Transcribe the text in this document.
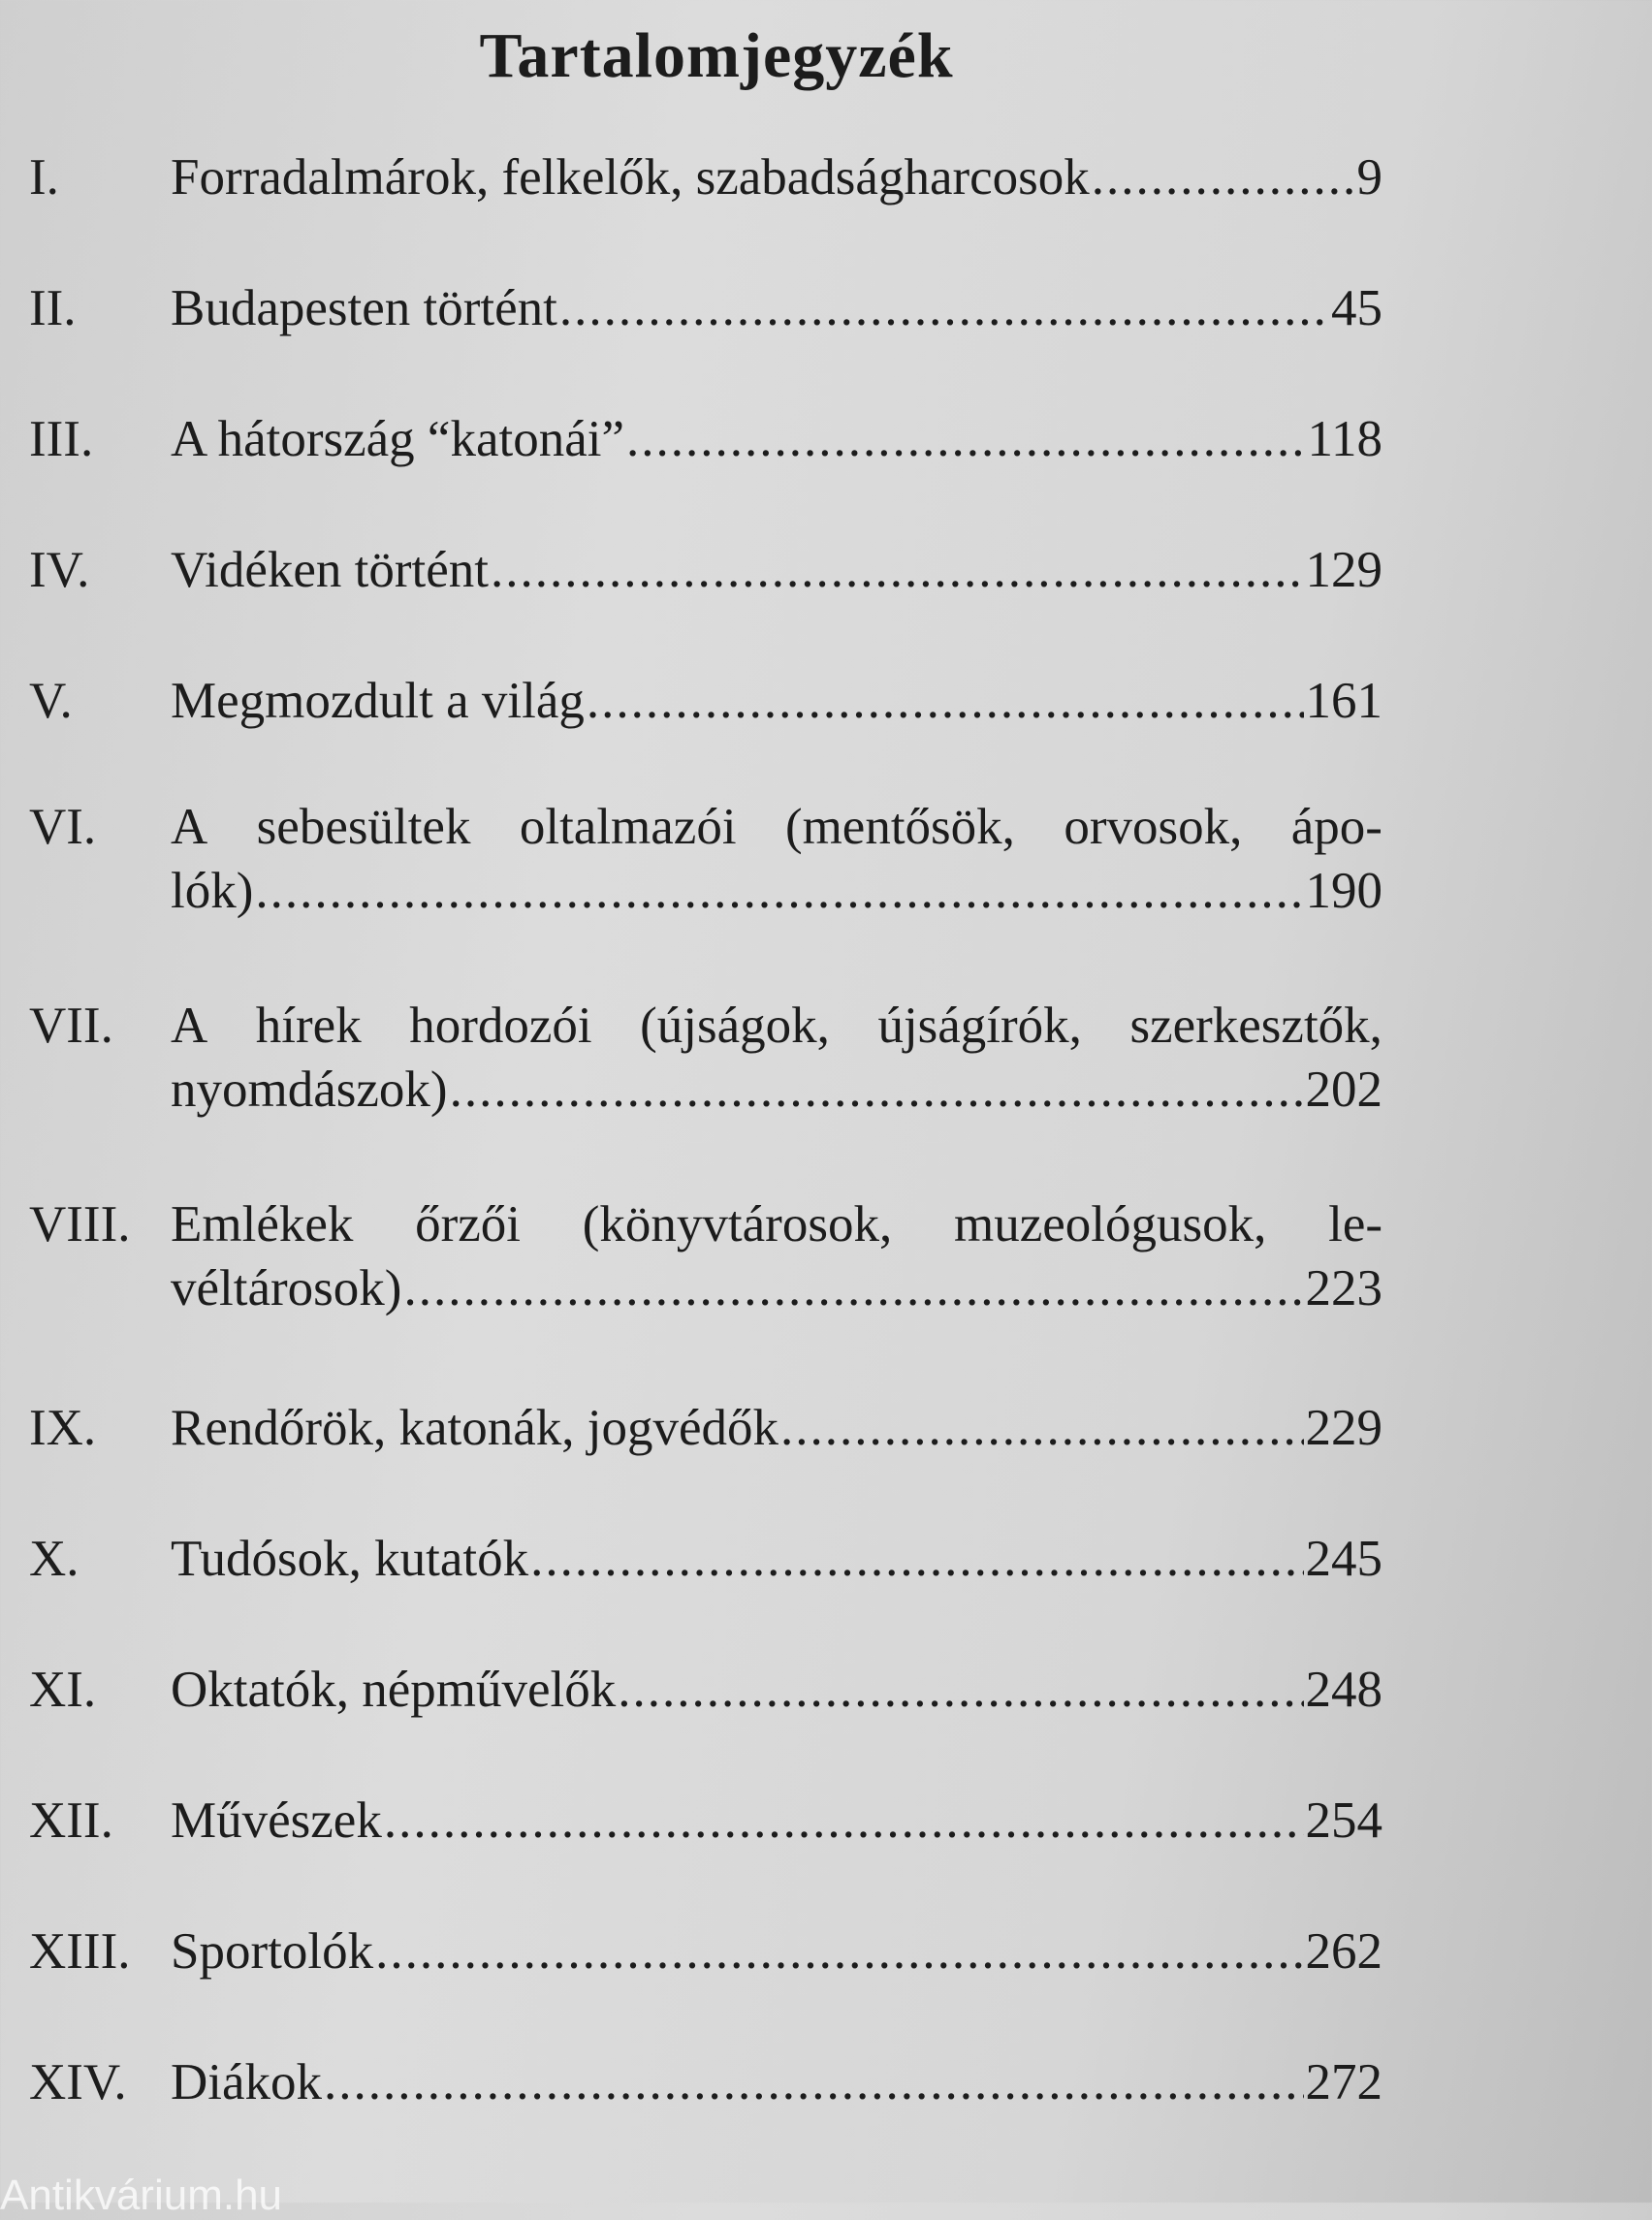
Tartalomjegyzék
I.	Forradalmárok, felkelők, szabadságharcosok .....	9
II.	Budapesten történt .....	45
III.	A hátország “katonái” .....	118
IV.	Vidéken történt .....	129
V.	Megmozdult a világ .....	161
VI.	A sebesültek oltalmazói (mentősök, orvosok, ápo-
lók) .....	190
VII.	A hírek hordozói (újságok, újságírók, szerkesztők,
nyomdászok) .....	202
VIII. Emlékek őrzői (könyvtárosok, muzeológusok, le-
véltárosok) .....	223
IX.	Rendőrök, katonák, jogvédők .....	229
X.	Tudósok, kutatók .....	245
XI.	Oktatók, népművelők .....	248
XII.	Művészek .....	254
XIII. Sportolók .....	262
XIV. Diákok .....	272
Antikvárium.hu
